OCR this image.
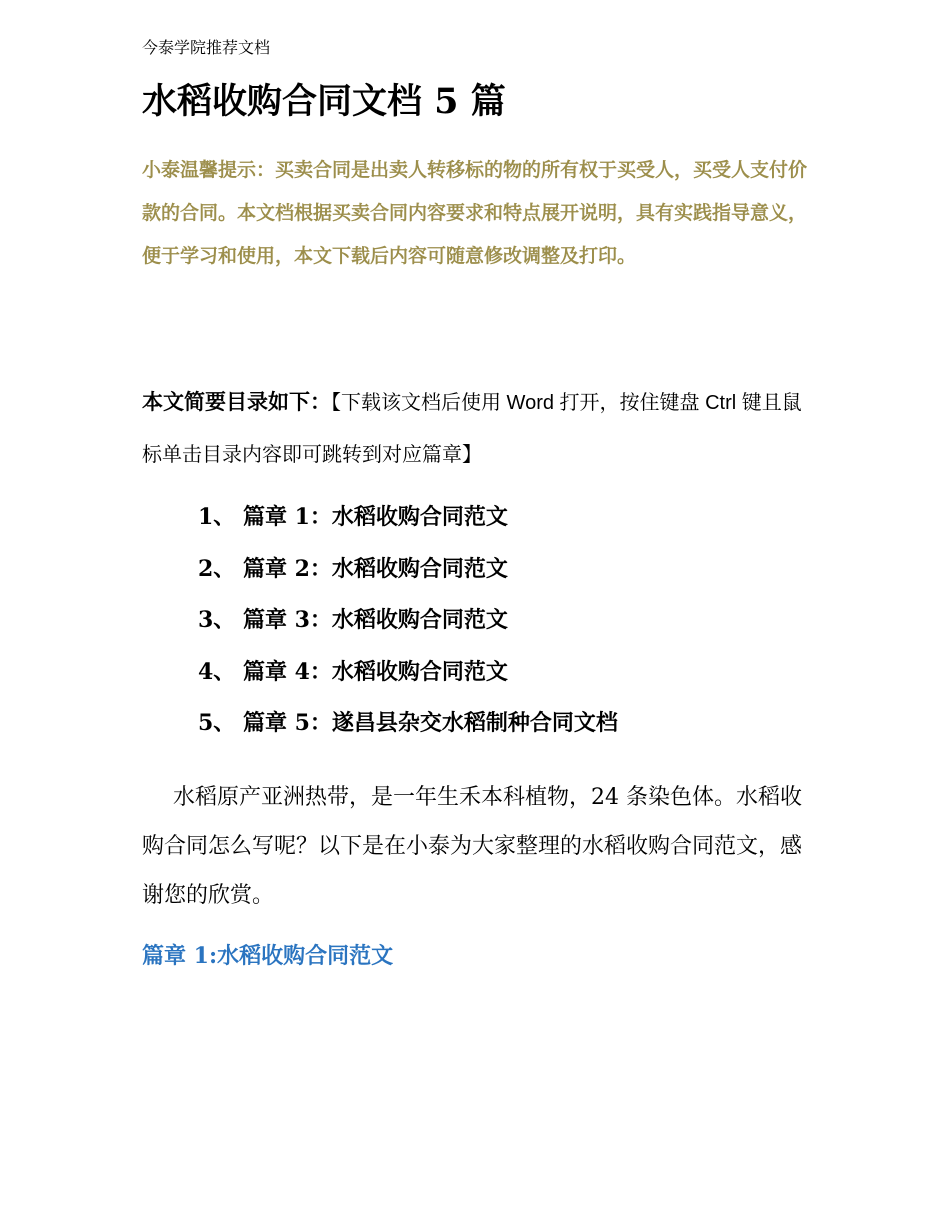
今泰学院推荐文档
水稻收购合同文档 5 篇

小泰温馨提示：买卖合同是出卖人转移标的物的所有权于买受人，买受人支付价款的合同。本文档根据买卖合同内容要求和特点展开说明，具有实践指导意义，便于学习和使用，本文下载后内容可随意修改调整及打印。

本文简要目录如下：【下载该文档后使用 Word 打开，按住键盘 Ctrl 键且鼠标单击目录内容即可跳转到对应篇章】

1、 篇章 1：水稻收购合同范文
2、 篇章 2：水稻收购合同范文
3、 篇章 3：水稻收购合同范文
4、 篇章 4：水稻收购合同范文
5、 篇章 5：遂昌县杂交水稻制种合同文档

水稻原产亚洲热带，是一年生禾本科植物，24 条染色体。水稻收购合同怎么写呢？以下是在小泰为大家整理的水稻收购合同范文，感谢您的欣赏。

篇章 1:水稻收购合同范文
